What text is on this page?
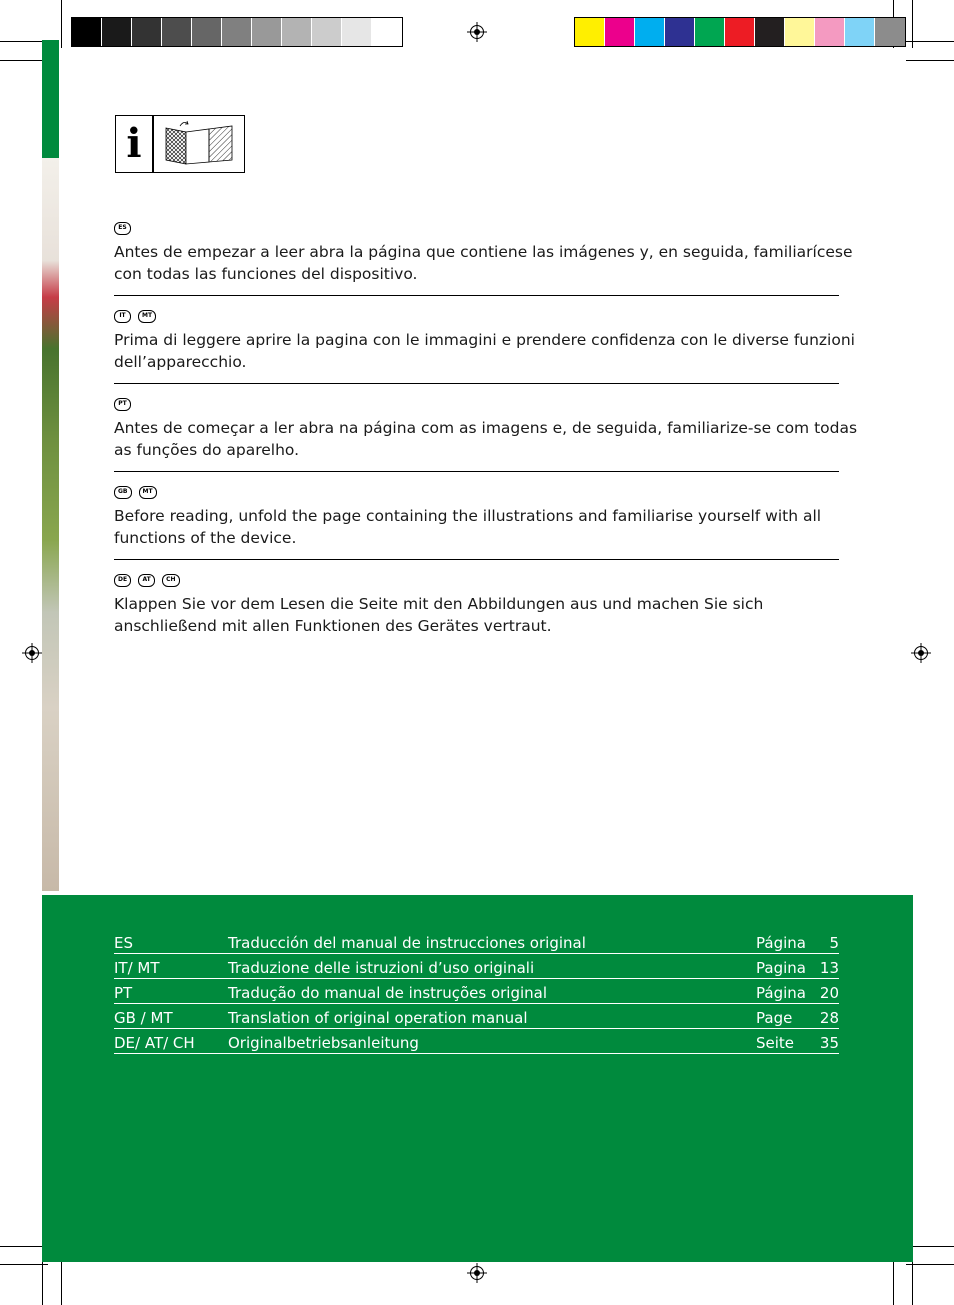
i
ES

Antes de empezar a leer abra la página que contiene las imágenes y, en seguida, familiarícese con todas las funciones del dispositivo.

IT	MT

Prima di leggere aprire la pagina con le immagini e prendere confidenza con le diverse funzioni dell’apparecchio.

PT

Antes de começar a ler abra na página com as imagens e, de seguida, familiarize-se com todas as funções do aparelho.

GB	MT

Before reading, unfold the page containing the illustrations and familiarise yourself with all functions of the device.

DE	AT	CH

Klappen Sie vor dem Lesen die Seite mit den Abbildungen aus und machen Sie sich anschließend mit allen Funktionen des Gerätes vertraut.

ES	Traducción del manual de instrucciones original	Página	5
IT/ MT	Traduzione delle istruzioni d’uso originali	Pagina	13
PT	Tradução do manual de instruções original	Página	20
GB / MT	Translation of original operation manual	Page	28
DE/ AT/ CH	Originalbetriebsanleitung	Seite	35
